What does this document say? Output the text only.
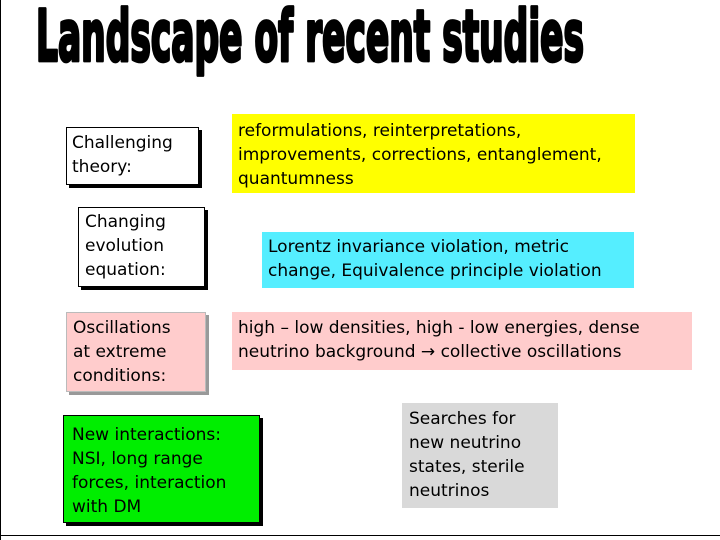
Landscape of recent studies
Challenging
theory:
Changing
evolution
equation:
Oscillations
at extreme
conditions:
reformulations, reinterpretations,
improvements, corrections, entanglement,
quantumness
Lorentz invariance violation, metric
change, Equivalence principle violation
high – low densities, high - low energies, dense
neutrino background → collective oscillations
New interactions:
NSI, long range
forces, interaction
with DM
Searches for
new neutrino
states, sterile
neutrinos
